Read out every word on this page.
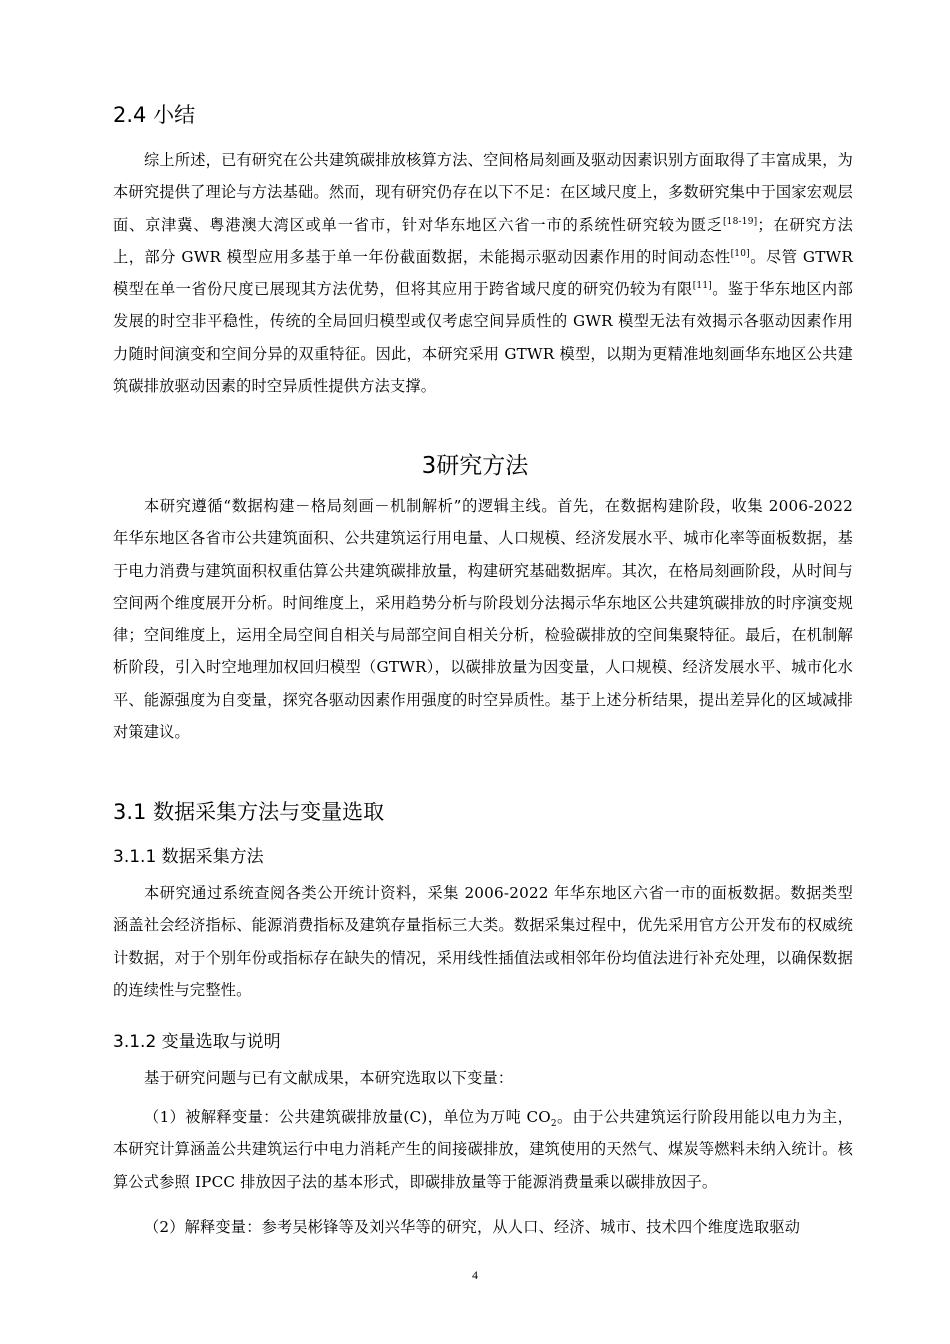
2.4 小结
综上所述，已有研究在公共建筑碳排放核算方法、空间格局刻画及驱动因素识别方面取得了丰富成果，为本研究提供了理论与方法基础。然而，现有研究仍存在以下不足：在区域尺度上，多数研究集中于国家宏观层面、京津冀、粤港澳大湾区或单一省市，针对华东地区六省一市的系统性研究较为匮乏[18-19]；在研究方法上，部分 GWR 模型应用多基于单一年份截面数据，未能揭示驱动因素作用的时间动态性[10]。尽管 GTWR 模型在单一省份尺度已展现其方法优势，但将其应用于跨省域尺度的研究仍较为有限[11]。鉴于华东地区内部发展的时空非平稳性，传统的全局回归模型或仅考虑空间异质性的 GWR 模型无法有效揭示各驱动因素作用力随时间演变和空间分异的双重特征。因此，本研究采用 GTWR 模型，以期为更精准地刻画华东地区公共建筑碳排放驱动因素的时空异质性提供方法支撑。
3研究方法
本研究遵循“数据构建－格局刻画－机制解析”的逻辑主线。首先，在数据构建阶段，收集 2006-2022 年华东地区各省市公共建筑面积、公共建筑运行用电量、人口规模、经济发展水平、城市化率等面板数据，基于电力消费与建筑面积权重估算公共建筑碳排放量，构建研究基础数据库。其次，在格局刻画阶段，从时间与空间两个维度展开分析。时间维度上，采用趋势分析与阶段划分法揭示华东地区公共建筑碳排放的时序演变规律；空间维度上，运用全局空间自相关与局部空间自相关分析，检验碳排放的空间集聚特征。最后，在机制解析阶段，引入时空地理加权回归模型（GTWR），以碳排放量为因变量，人口规模、经济发展水平、城市化水平、能源强度为自变量，探究各驱动因素作用强度的时空异质性。基于上述分析结果，提出差异化的区域减排对策建议。
3.1 数据采集方法与变量选取
3.1.1 数据采集方法
本研究通过系统查阅各类公开统计资料，采集 2006-2022 年华东地区六省一市的面板数据。数据类型涵盖社会经济指标、能源消费指标及建筑存量指标三大类。数据采集过程中，优先采用官方公开发布的权威统计数据，对于个别年份或指标存在缺失的情况，采用线性插值法或相邻年份均值法进行补充处理，以确保数据的连续性与完整性。
3.1.2 变量选取与说明
基于研究问题与已有文献成果，本研究选取以下变量：
（1）被解释变量：公共建筑碳排放量(C)，单位为万吨 $CO_2$。由于公共建筑运行阶段用能以电力为主，本研究计算涵盖公共建筑运行中电力消耗产生的间接碳排放，建筑使用的天然气、煤炭等燃料未纳入统计。核算公式参照 IPCC 排放因子法的基本形式，即碳排放量等于能源消费量乘以碳排放因子。
（2）解释变量：参考吴彬锋等及刘兴华等的研究，从人口、经济、城市、技术四个维度选取驱动
4
